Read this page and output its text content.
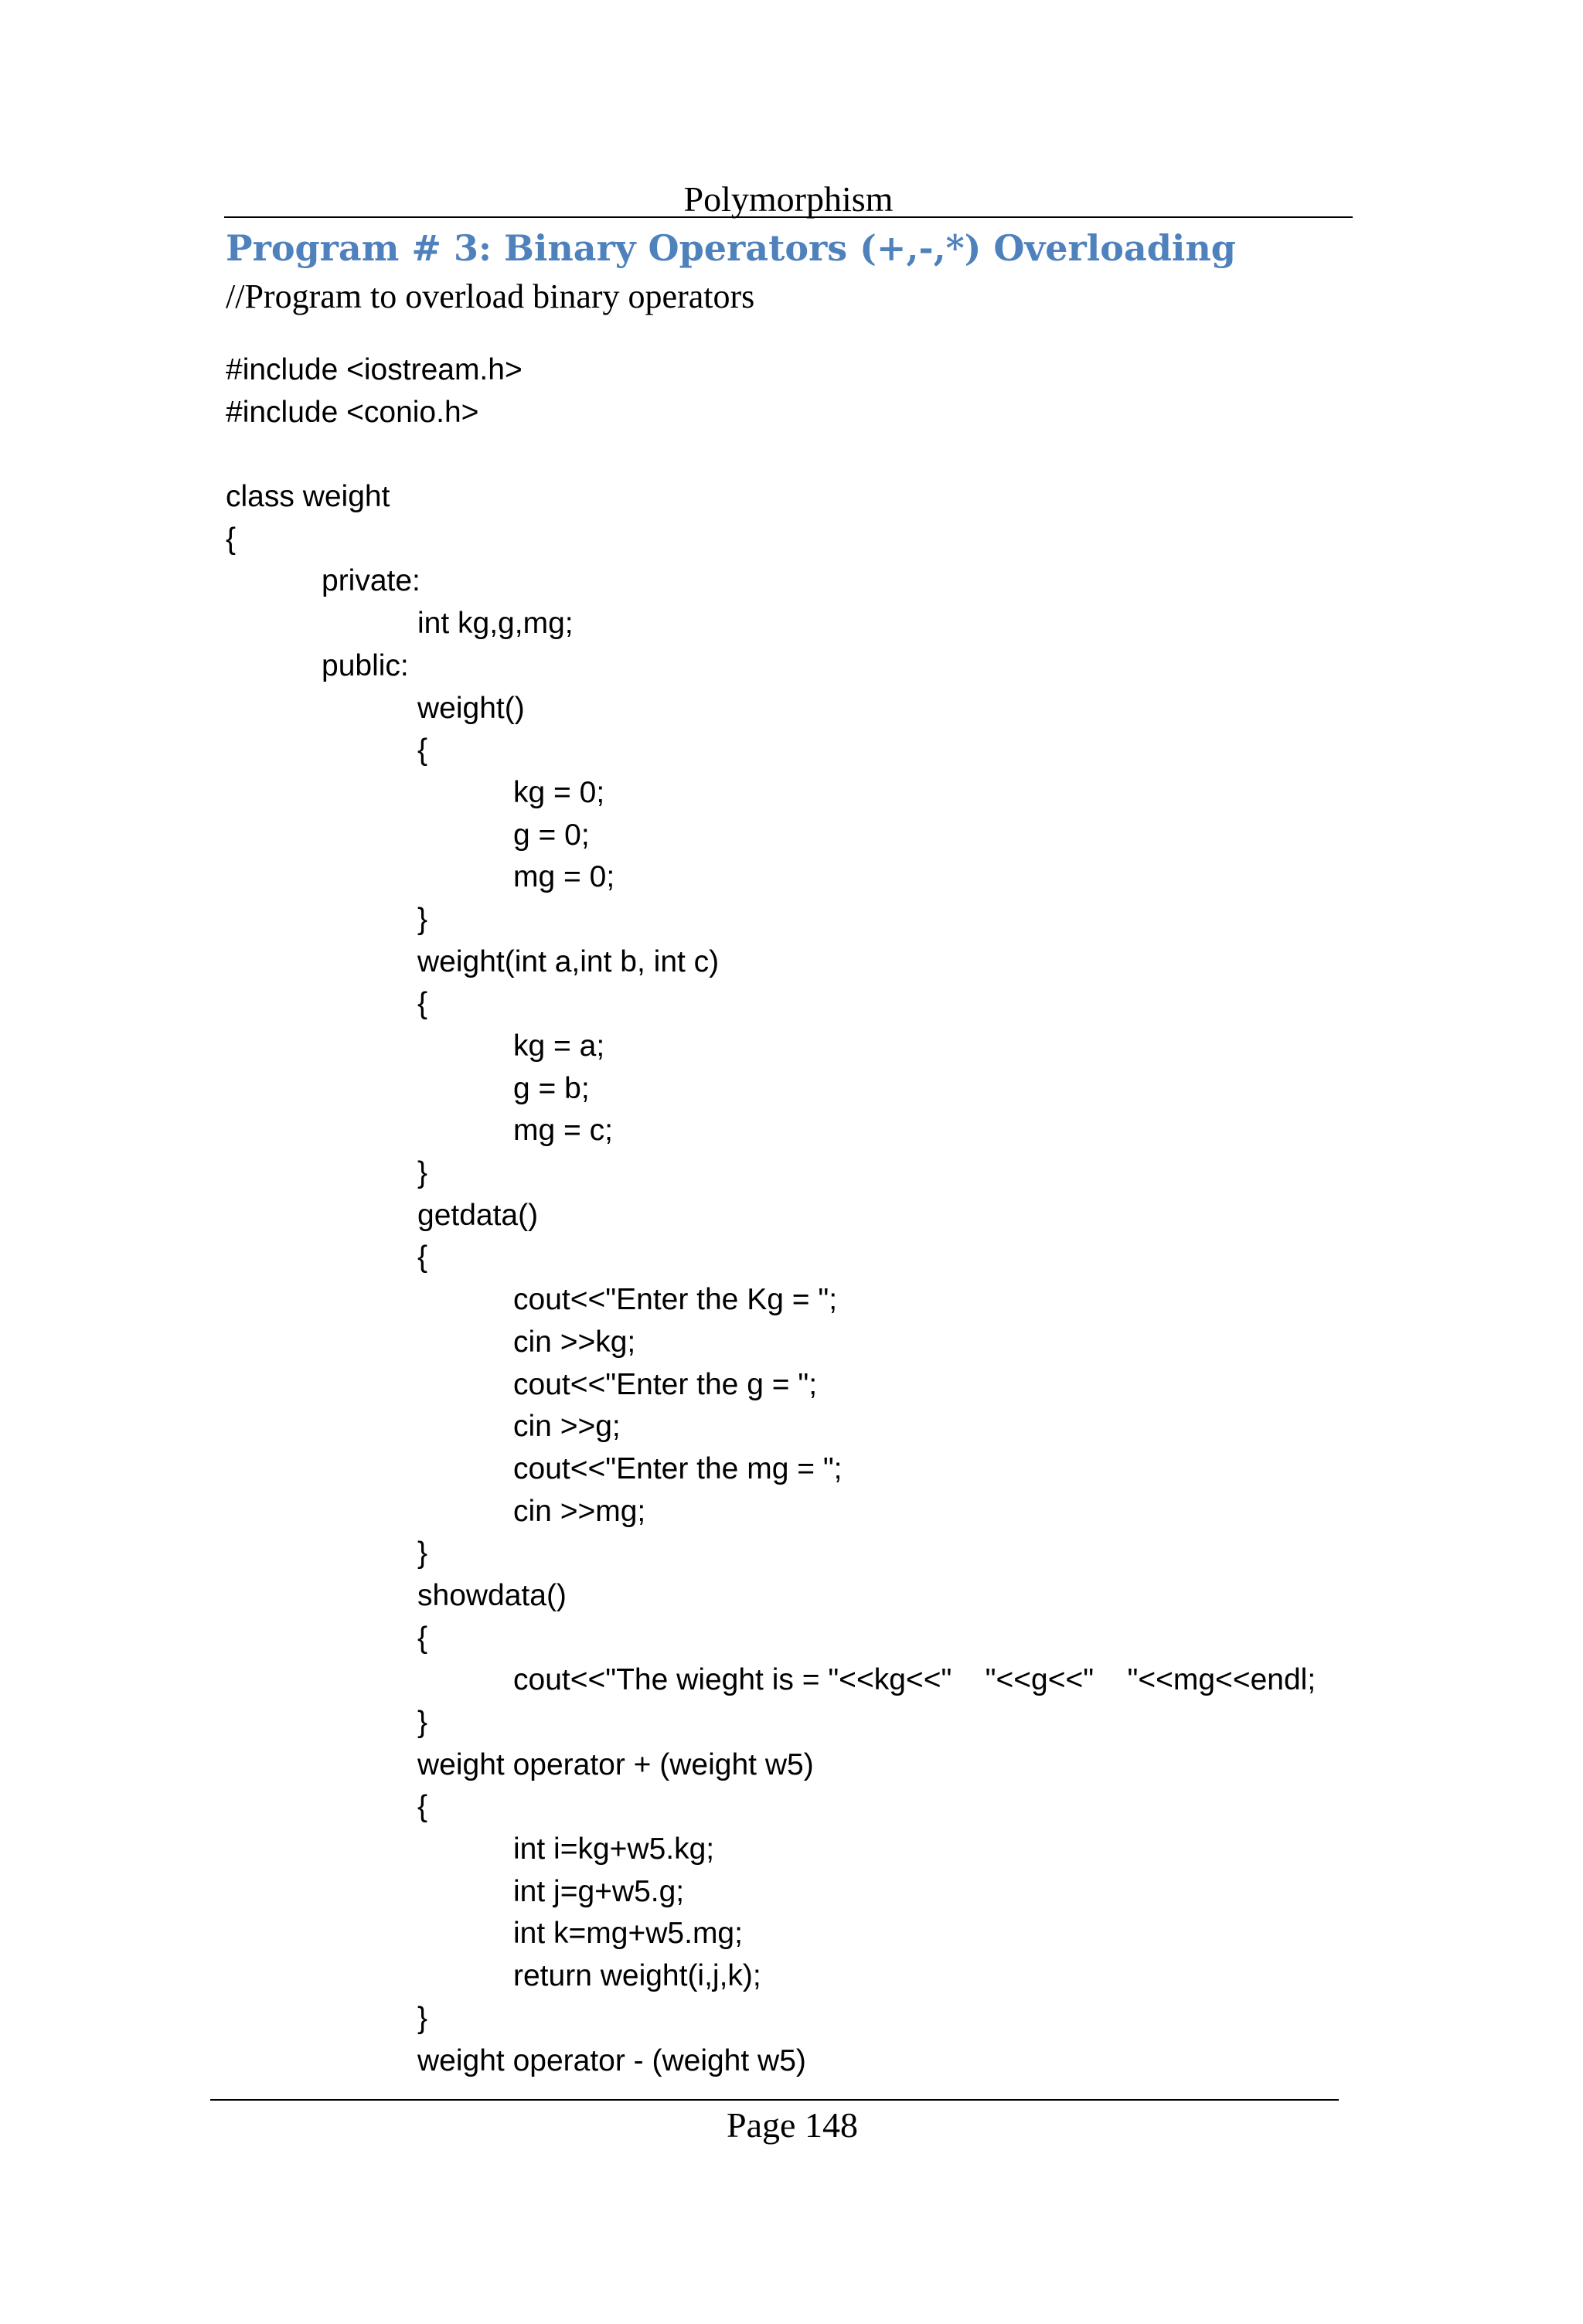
Polymorphism
Program # 3: Binary Operators (+,-,*) Overloading
//Program to overload binary operators
#include <iostream.h>
#include <conio.h>
class weight
{
private:
int kg,g,mg;
public:
weight()
{
kg = 0;
g = 0;
mg = 0;
}
weight(int a,int b, int c)
{
kg = a;
g = b;
mg = c;
}
getdata()
{
cout<<"Enter the Kg = ";
cin >>kg;
cout<<"Enter the g = ";
cin >>g;
cout<<"Enter the mg = ";
cin >>mg;
}
showdata()
{
cout<<"The wieght is = "<<kg<<"    "<<g<<"    "<<mg<<endl;
}
weight operator + (weight w5)
{
int i=kg+w5.kg;
int j=g+w5.g;
int k=mg+w5.mg;
return weight(i,j,k);
}
weight operator - (weight w5)
Page 148
